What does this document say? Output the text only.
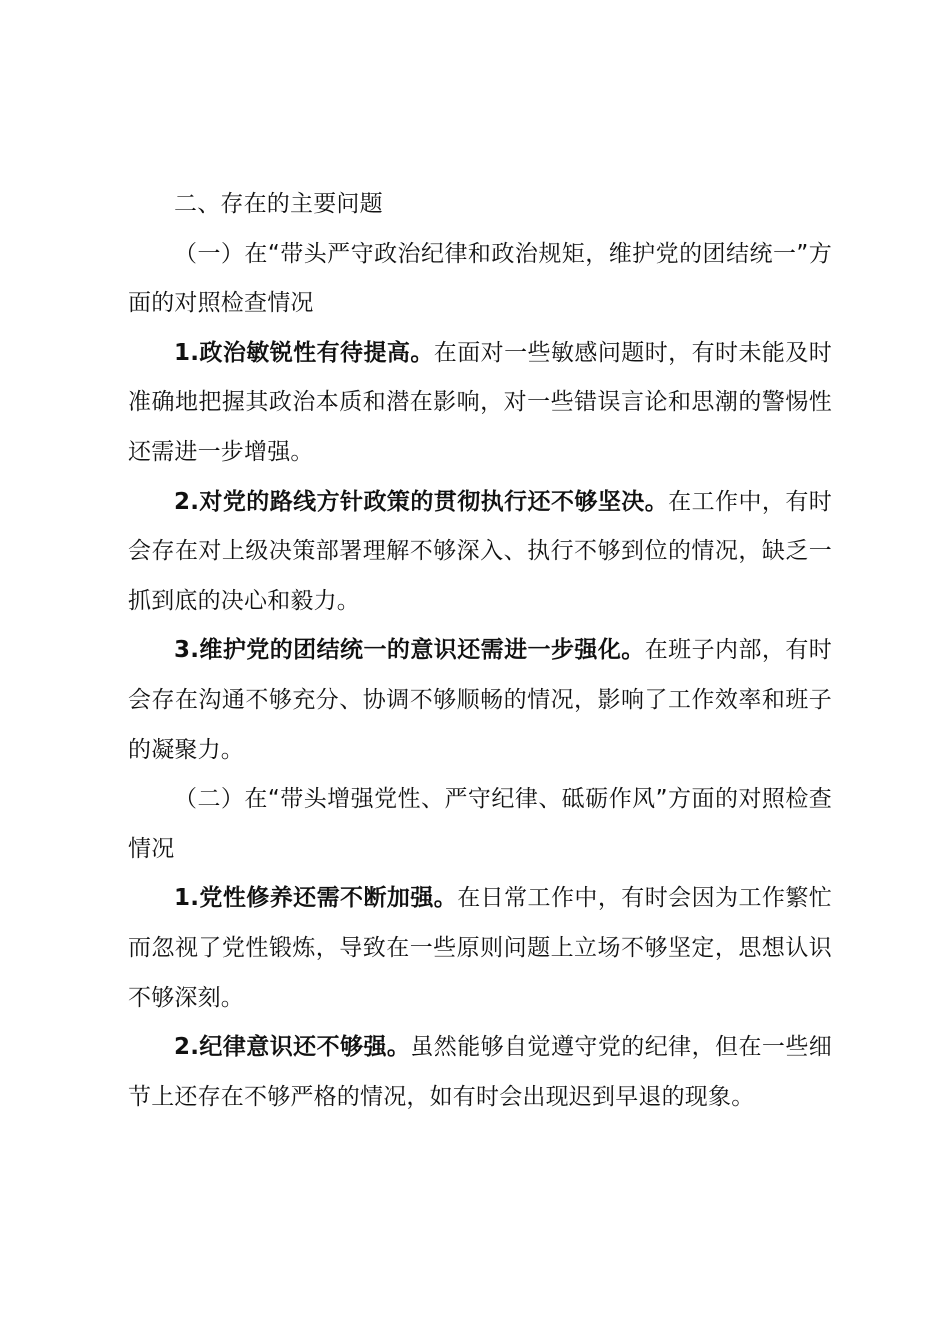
二、存在的主要问题

（一）在“带头严守政治纪律和政治规矩，维护党的团结统一”方面的对照检查情况

1.政治敏锐性有待提高。在面对一些敏感问题时，有时未能及时准确地把握其政治本质和潜在影响，对一些错误言论和思潮的警惕性还需进一步增强。

2.对党的路线方针政策的贯彻执行还不够坚决。在工作中，有时会存在对上级决策部署理解不够深入、执行不够到位的情况，缺乏一抓到底的决心和毅力。

3.维护党的团结统一的意识还需进一步强化。在班子内部，有时会存在沟通不够充分、协调不够顺畅的情况，影响了工作效率和班子的凝聚力。

（二）在“带头增强党性、严守纪律、砥砺作风”方面的对照检查情况

1.党性修养还需不断加强。在日常工作中，有时会因为工作繁忙而忽视了党性锻炼，导致在一些原则问题上立场不够坚定，思想认识不够深刻。

2.纪律意识还不够强。虽然能够自觉遵守党的纪律，但在一些细节上还存在不够严格的情况，如有时会出现迟到早退的现象。
